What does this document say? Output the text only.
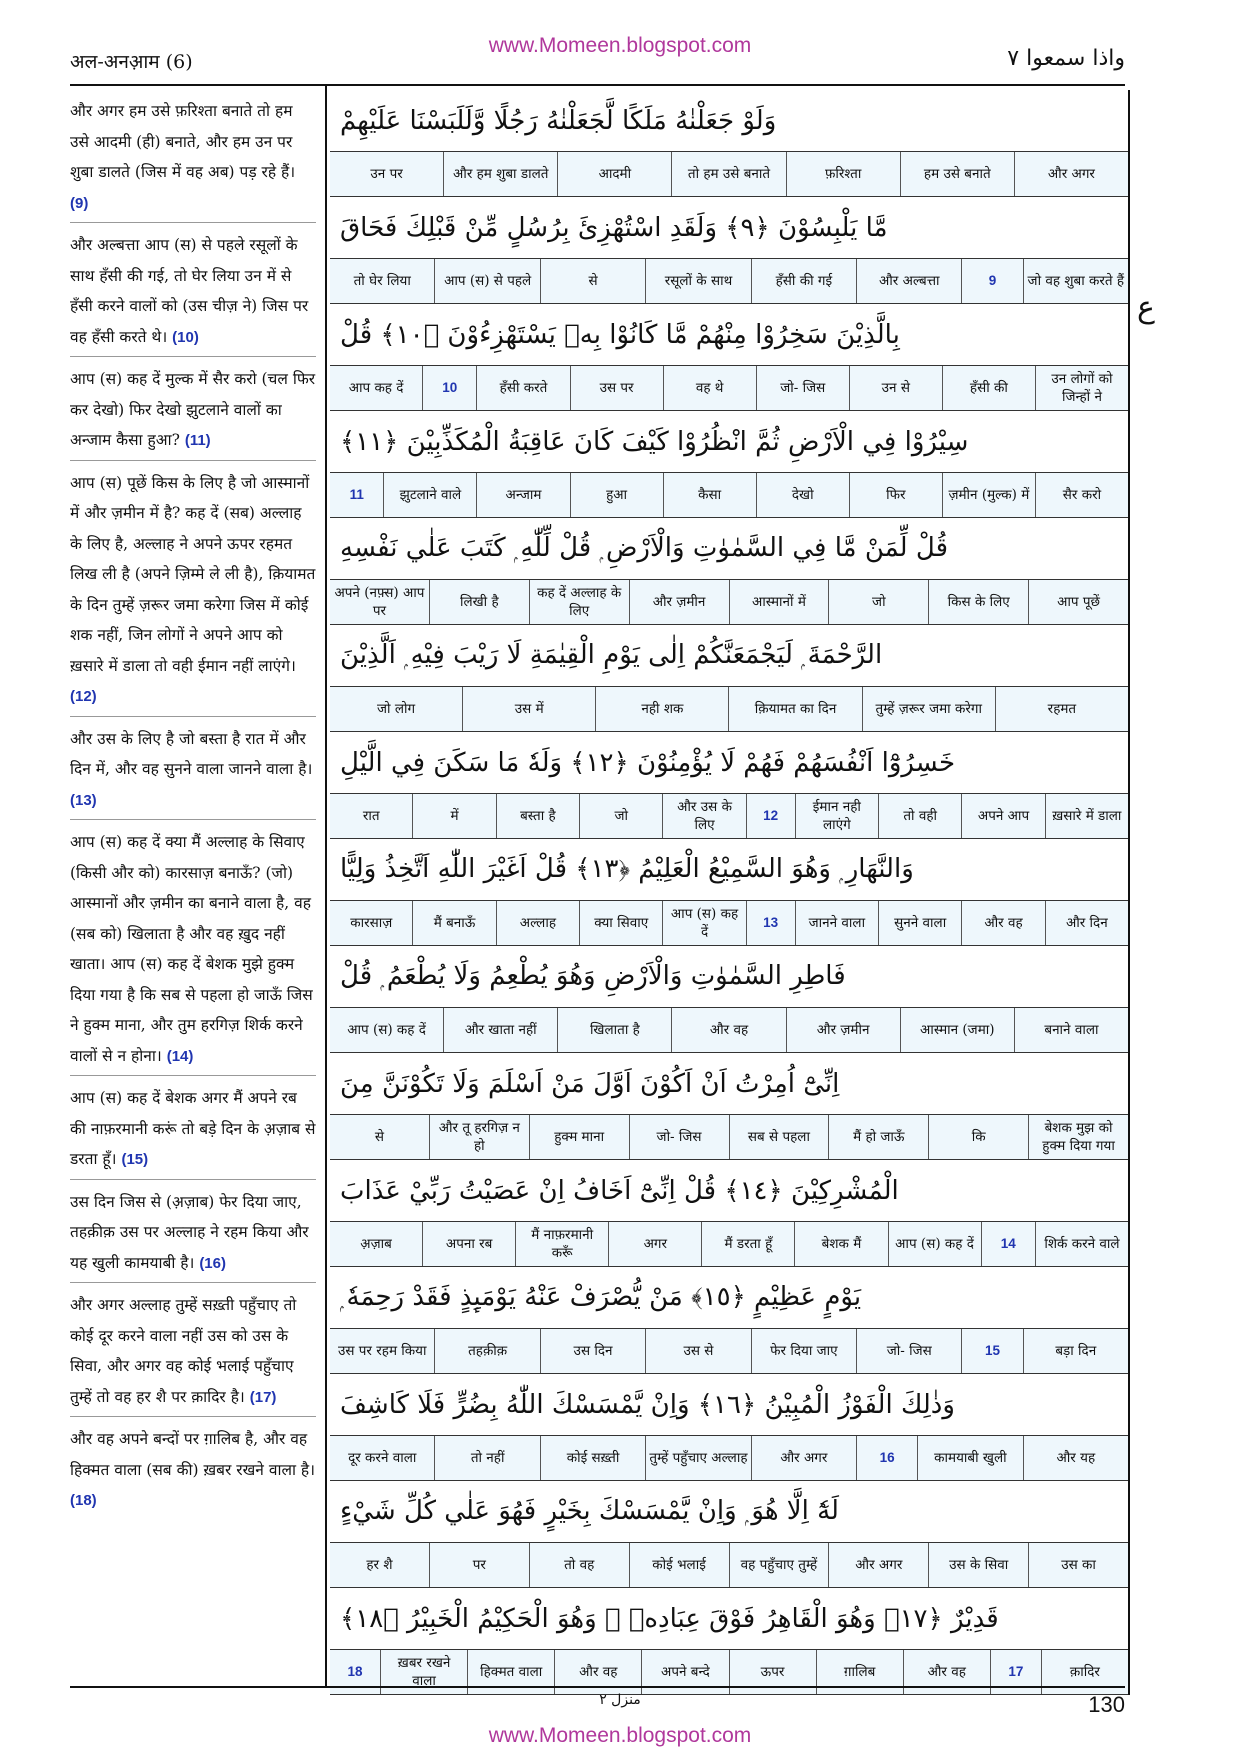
www.Momeen.blogspot.com
अल-अनआ़म (6)	واذا سمعوا ٧
और अगर हम उसे फ़रिश्ता बनाते तो हम उसे आदमी (ही) बनाते, और हम उन पर शुबा डालते (जिस में वह अब) पड़ रहे हैं। (9)
और अल्बत्ता आप (स) से पहले रसूलों के साथ हँसी की गई, तो घेर लिया उन में से हँसी करने वालों को (उस चीज़ ने) जिस पर वह हँसी करते थे। (10)
आप (स) कह दें मुल्क में सैर करो (चल फिर कर देखो) फिर देखो झुटलाने वालों का अन्जाम कैसा हुआ? (11)
आप (स) पूछें किस के लिए है जो आस्मानों में और ज़मीन में है? कह दें (सब) अल्लाह के लिए है, अल्लाह ने अपने ऊपर रहमत लिख ली है (अपने ज़िम्मे ले ली है), क़ियामत के दिन तुम्हें ज़रूर जमा करेगा जिस में कोई शक नहीं, जिन लोगों ने अपने आप को ख़सारे में डाला तो वही ईमान नहीं लाएंगे। (12)
और उस के लिए है जो बस्ता है रात में और दिन में, और वह सुनने वाला जानने वाला है। (13)
आप (स) कह दें क्या मैं अल्लाह के सिवाए (किसी और को) कारसाज़ बनाऊँ? (जो) आस्मानों और ज़मीन का बनाने वाला है, वह (सब को) खिलाता है और वह ख़ुद नहीं खाता। आप (स) कह दें बेशक मुझे हुक्म दिया गया है कि सब से पहला हो जाऊँ जिस ने हुक्म माना, और तुम हरगिज़ शिर्क करने वालों से न होना। (14)
आप (स) कह दें बेशक अगर मैं अपने रब की नाफ़रमानी करूं तो बड़े दिन के अ़ज़ाब से डरता हूँ। (15)
उस दिन जिस से (अ़ज़ाब) फेर दिया जाए, तहक़ीक़ उस पर अल्लाह ने रहम किया और यह खुली कामयाबी है। (16)
और अगर अल्लाह तुम्हें सख़्ती पहुँचाए तो कोई दूर करने वाला नहीं उस को उस के सिवा, और अगर वह कोई भलाई पहुँचाए तुम्हें तो वह हर शै पर क़ादिर है। (17)
और वह अपने बन्दों पर ग़ालिब है, और वह हिक्मत वाला (सब की) ख़बर रखने वाला है। (18)
وَلَوْ جَعَلْنٰهُ مَلَكًا لَّجَعَلْنٰهُ رَجُلًا وَّلَلَبَسْنَا عَلَيْهِمْ
और अगर
हम उसे बनाते
फ़रिश्ता
तो हम उसे बनाते
आदमी
और हम शुबा डालते
उन पर
مَّا يَلْبِسُوْنَ ﴿٩﴾ وَلَقَدِ اسْتُهْزِئَ بِرُسُلٍ مِّنْ قَبْلِكَ فَحَاقَ
जो वह शुबा करते हैं
9
और अल्बत्ता
हँसी की गई
रसूलों के साथ
से
आप (स) से पहले
तो घेर लिया
بِالَّذِيْنَ سَخِرُوْا مِنْهُمْ مَّا كَانُوْا بِهٖ يَسْتَهْزِءُوْنَ ﴿١٠﴾ قُلْ
उन लोगों को जिन्हों ने
हँसी की
उन से
जो- जिस
वह थे
उस पर
हँसी करते
10
आप कह दें
سِيْرُوْا فِي الْاَرْضِ ثُمَّ انْظُرُوْا كَيْفَ كَانَ عَاقِبَةُ الْمُكَذِّبِيْنَ ﴿١١﴾
सैर करो
ज़मीन (मुल्क) में
फिर
देखो
कैसा
हुआ
अन्जाम
झुटलाने वाले
11
قُلْ لِّمَنْ مَّا فِي السَّمٰوٰتِ وَالْاَرْضِ ۭ قُلْ لِّلّٰهِ ۭ كَتَبَ عَلٰي نَفْسِهِ
आप पूछें
किस के लिए
जो
आस्मानों में
और ज़मीन
कह दें अल्लाह के लिए
लिखी है
अपने (नफ़्स) आप पर
الرَّحْمَةَ ۭ لَيَجْمَعَنَّكُمْ اِلٰى يَوْمِ الْقِيٰمَةِ لَا رَيْبَ فِيْهِ ۭ اَلَّذِيْنَ
रहमत
तुम्हें ज़रूर जमा करेगा
क़ियामत का दिन
नही शक
उस में
जो लोग
خَسِرُوْٓا اَنْفُسَهُمْ فَهُمْ لَا يُؤْمِنُوْنَ ﴿١٢﴾ وَلَهٗ مَا سَكَنَ فِي الَّيْلِ
ख़सारे में डाला
अपने आप
तो वही
ईमान नही लाएंगे
12
और उस के लिए
जो
बस्ता है
में
रात
وَالنَّهَارِ ۭ وَهُوَ السَّمِيْعُ الْعَلِيْمُ ﴿١٣﴾ قُلْ اَغَيْرَ اللّٰهِ اَتَّخِذُ وَلِيًّا
और दिन
और वह
सुनने वाला
जानने वाला
13
आप (स) कह दें
क्या सिवाए
अल्लाह
मैं बनाऊँ
कारसाज़
فَاطِرِ السَّمٰوٰتِ وَالْاَرْضِ وَهُوَ يُطْعِمُ وَلَا يُطْعَمُ ۭ قُلْ
बनाने वाला
आस्मान (जमा)
और ज़मीन
और वह
खिलाता है
और खाता नहीं
आप (स) कह दें
اِنِّىْٓ اُمِرْتُ اَنْ اَكُوْنَ اَوَّلَ مَنْ اَسْلَمَ وَلَا تَكُوْنَنَّ مِنَ
बेशक मुझ को हुक्म दिया गया
कि
मैं हो जाऊँ
सब से पहला
जो- जिस
हुक्म माना
और तू हरगिज़ न हो
से
الْمُشْرِكِيْنَ ﴿١٤﴾ قُلْ اِنِّىْٓ اَخَافُ اِنْ عَصَيْتُ رَبِّيْ عَذَابَ
शिर्क करने वाले
14
आप (स) कह दें
बेशक मैं
मैं डरता हूँ
अगर
मैं नाफ़रमानी करूँ
अपना रब
अ़ज़ाब
يَوْمٍ عَظِيْمٍ ﴿١٥﴾ مَنْ يُّصْرَفْ عَنْهُ يَوْمَىِٕذٍ فَقَدْ رَحِمَهٗ ۭ
बड़ा दिन
15
जो- जिस
फेर दिया जाए
उस से
उस दिन
तहक़ीक़
उस पर रहम किया
وَذٰلِكَ الْفَوْزُ الْمُبِيْنُ ﴿١٦﴾ وَاِنْ يَّمْسَسْكَ اللّٰهُ بِضُرٍّ فَلَا كَاشِفَ
और यह
कामयाबी खुली
16
और अगर
तुम्हें पहुँचाए अल्लाह
कोई सख़्ती
तो नहीं
दूर करने वाला
لَهٗٓ اِلَّا هُوَ ۭ وَاِنْ يَّمْسَسْكَ بِخَيْرٍ فَهُوَ عَلٰي كُلِّ شَيْءٍ
उस का
उस के सिवा
और अगर
वह पहुँचाए तुम्हें
कोई भलाई
तो वह
पर
हर शै
قَدِيْرٌ ﴿١٧﴾ وَهُوَ الْقَاهِرُ فَوْقَ عِبَادِهٖ ۭ وَهُوَ الْحَكِيْمُ الْخَبِيْرُ ﴿١٨﴾
क़ादिर
17
और वह
ग़ालिब
ऊपर
अपने बन्दे
और वह
हिक्मत वाला
ख़बर रखने वाला
18
ع
منزل ٢	130
www.Momeen.blogspot.com
